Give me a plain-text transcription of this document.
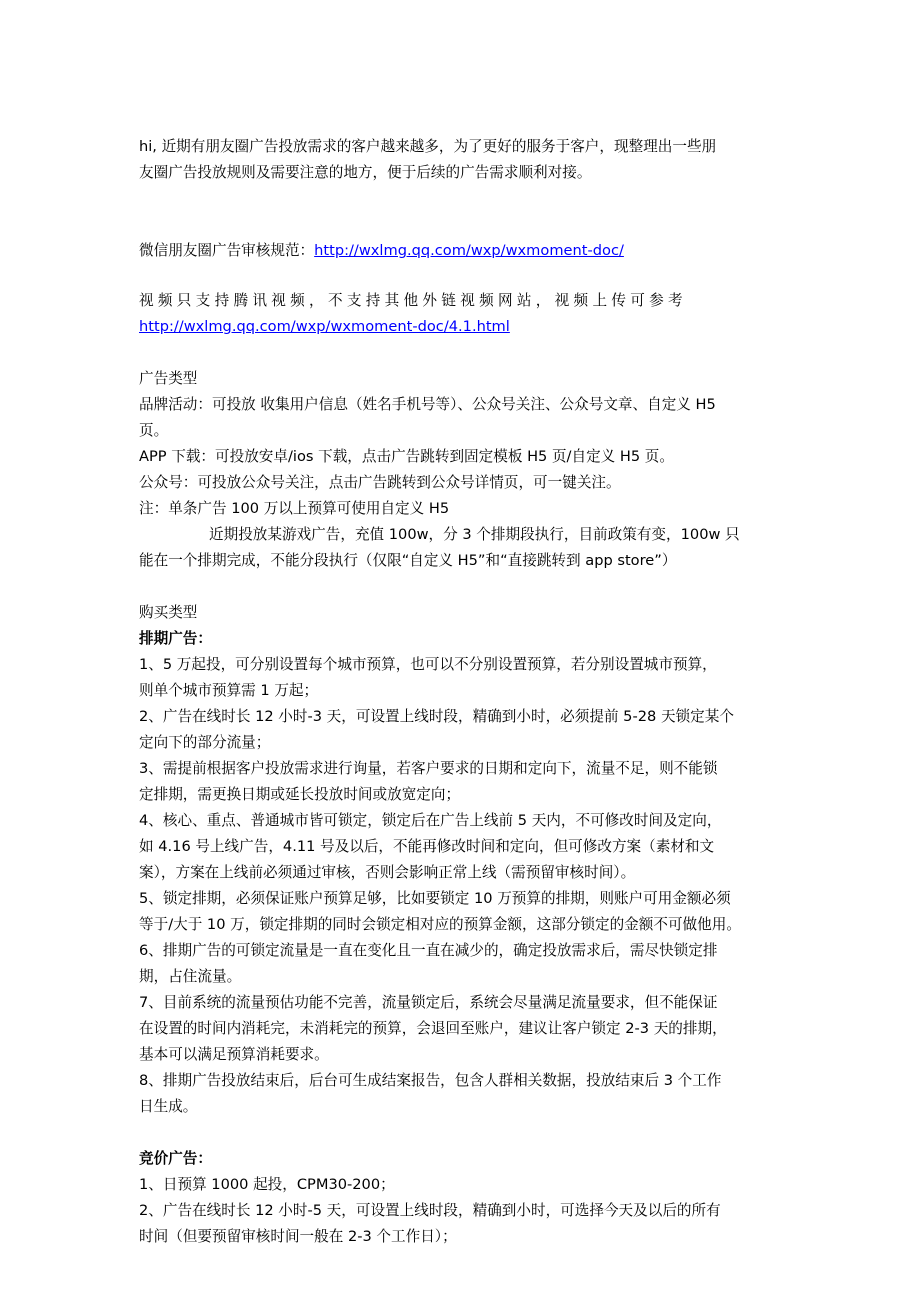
hi, 近期有朋友圈广告投放需求的客户越来越多，为了更好的服务于客户，现整理出一些朋

友圈广告投放规则及需要注意的地方，便于后续的广告需求顺利对接。

微信朋友圈广告审核规范：http://wxlmg.qq.com/wxp/wxmoment-doc/

视频只支持腾讯视频，不支持其他外链视频网站，视频上传可参考

http://wxlmg.qq.com/wxp/wxmoment-doc/4.1.html

广告类型

品牌活动：可投放 收集用户信息（姓名手机号等）、公众号关注、公众号文章、自定义 H5

页。

APP 下载：可投放安卓/ios 下载，点击广告跳转到固定模板 H5 页/自定义 H5 页。

公众号：可投放公众号关注，点击广告跳转到公众号详情页，可一键关注。

注：单条广告 100 万以上预算可使用自定义 H5

近期投放某游戏广告，充值 100w，分 3 个排期段执行，目前政策有变，100w 只

能在一个排期完成，不能分段执行（仅限“自定义 H5”和“直接跳转到 app store”）

购买类型

排期广告：

1、5 万起投，可分别设置每个城市预算，也可以不分别设置预算，若分别设置城市预算，

则单个城市预算需 1 万起；

2、广告在线时长 12 小时-3 天，可设置上线时段，精确到小时，必须提前 5-28 天锁定某个

定向下的部分流量；

3、需提前根据客户投放需求进行询量，若客户要求的日期和定向下，流量不足，则不能锁

定排期，需更换日期或延长投放时间或放宽定向；

4、核心、重点、普通城市皆可锁定，锁定后在广告上线前 5 天内，不可修改时间及定向，

如 4.16 号上线广告，4.11 号及以后，不能再修改时间和定向，但可修改方案（素材和文

案），方案在上线前必须通过审核，否则会影响正常上线（需预留审核时间）。

5、锁定排期，必须保证账户预算足够，比如要锁定 10 万预算的排期，则账户可用金额必须

等于/大于 10 万，锁定排期的同时会锁定相对应的预算金额，这部分锁定的金额不可做他用。

6、排期广告的可锁定流量是一直在变化且一直在减少的，确定投放需求后，需尽快锁定排

期，占住流量。

7、目前系统的流量预估功能不完善，流量锁定后，系统会尽量满足流量要求，但不能保证

在设置的时间内消耗完，未消耗完的预算，会退回至账户，建议让客户锁定 2-3 天的排期，

基本可以满足预算消耗要求。

8、排期广告投放结束后，后台可生成结案报告，包含人群相关数据，投放结束后 3 个工作

日生成。

竞价广告：

1、日预算 1000 起投，CPM30-200；

2、广告在线时长 12 小时-5 天，可设置上线时段，精确到小时，可选择今天及以后的所有

时间（但要预留审核时间一般在 2-3 个工作日）；
